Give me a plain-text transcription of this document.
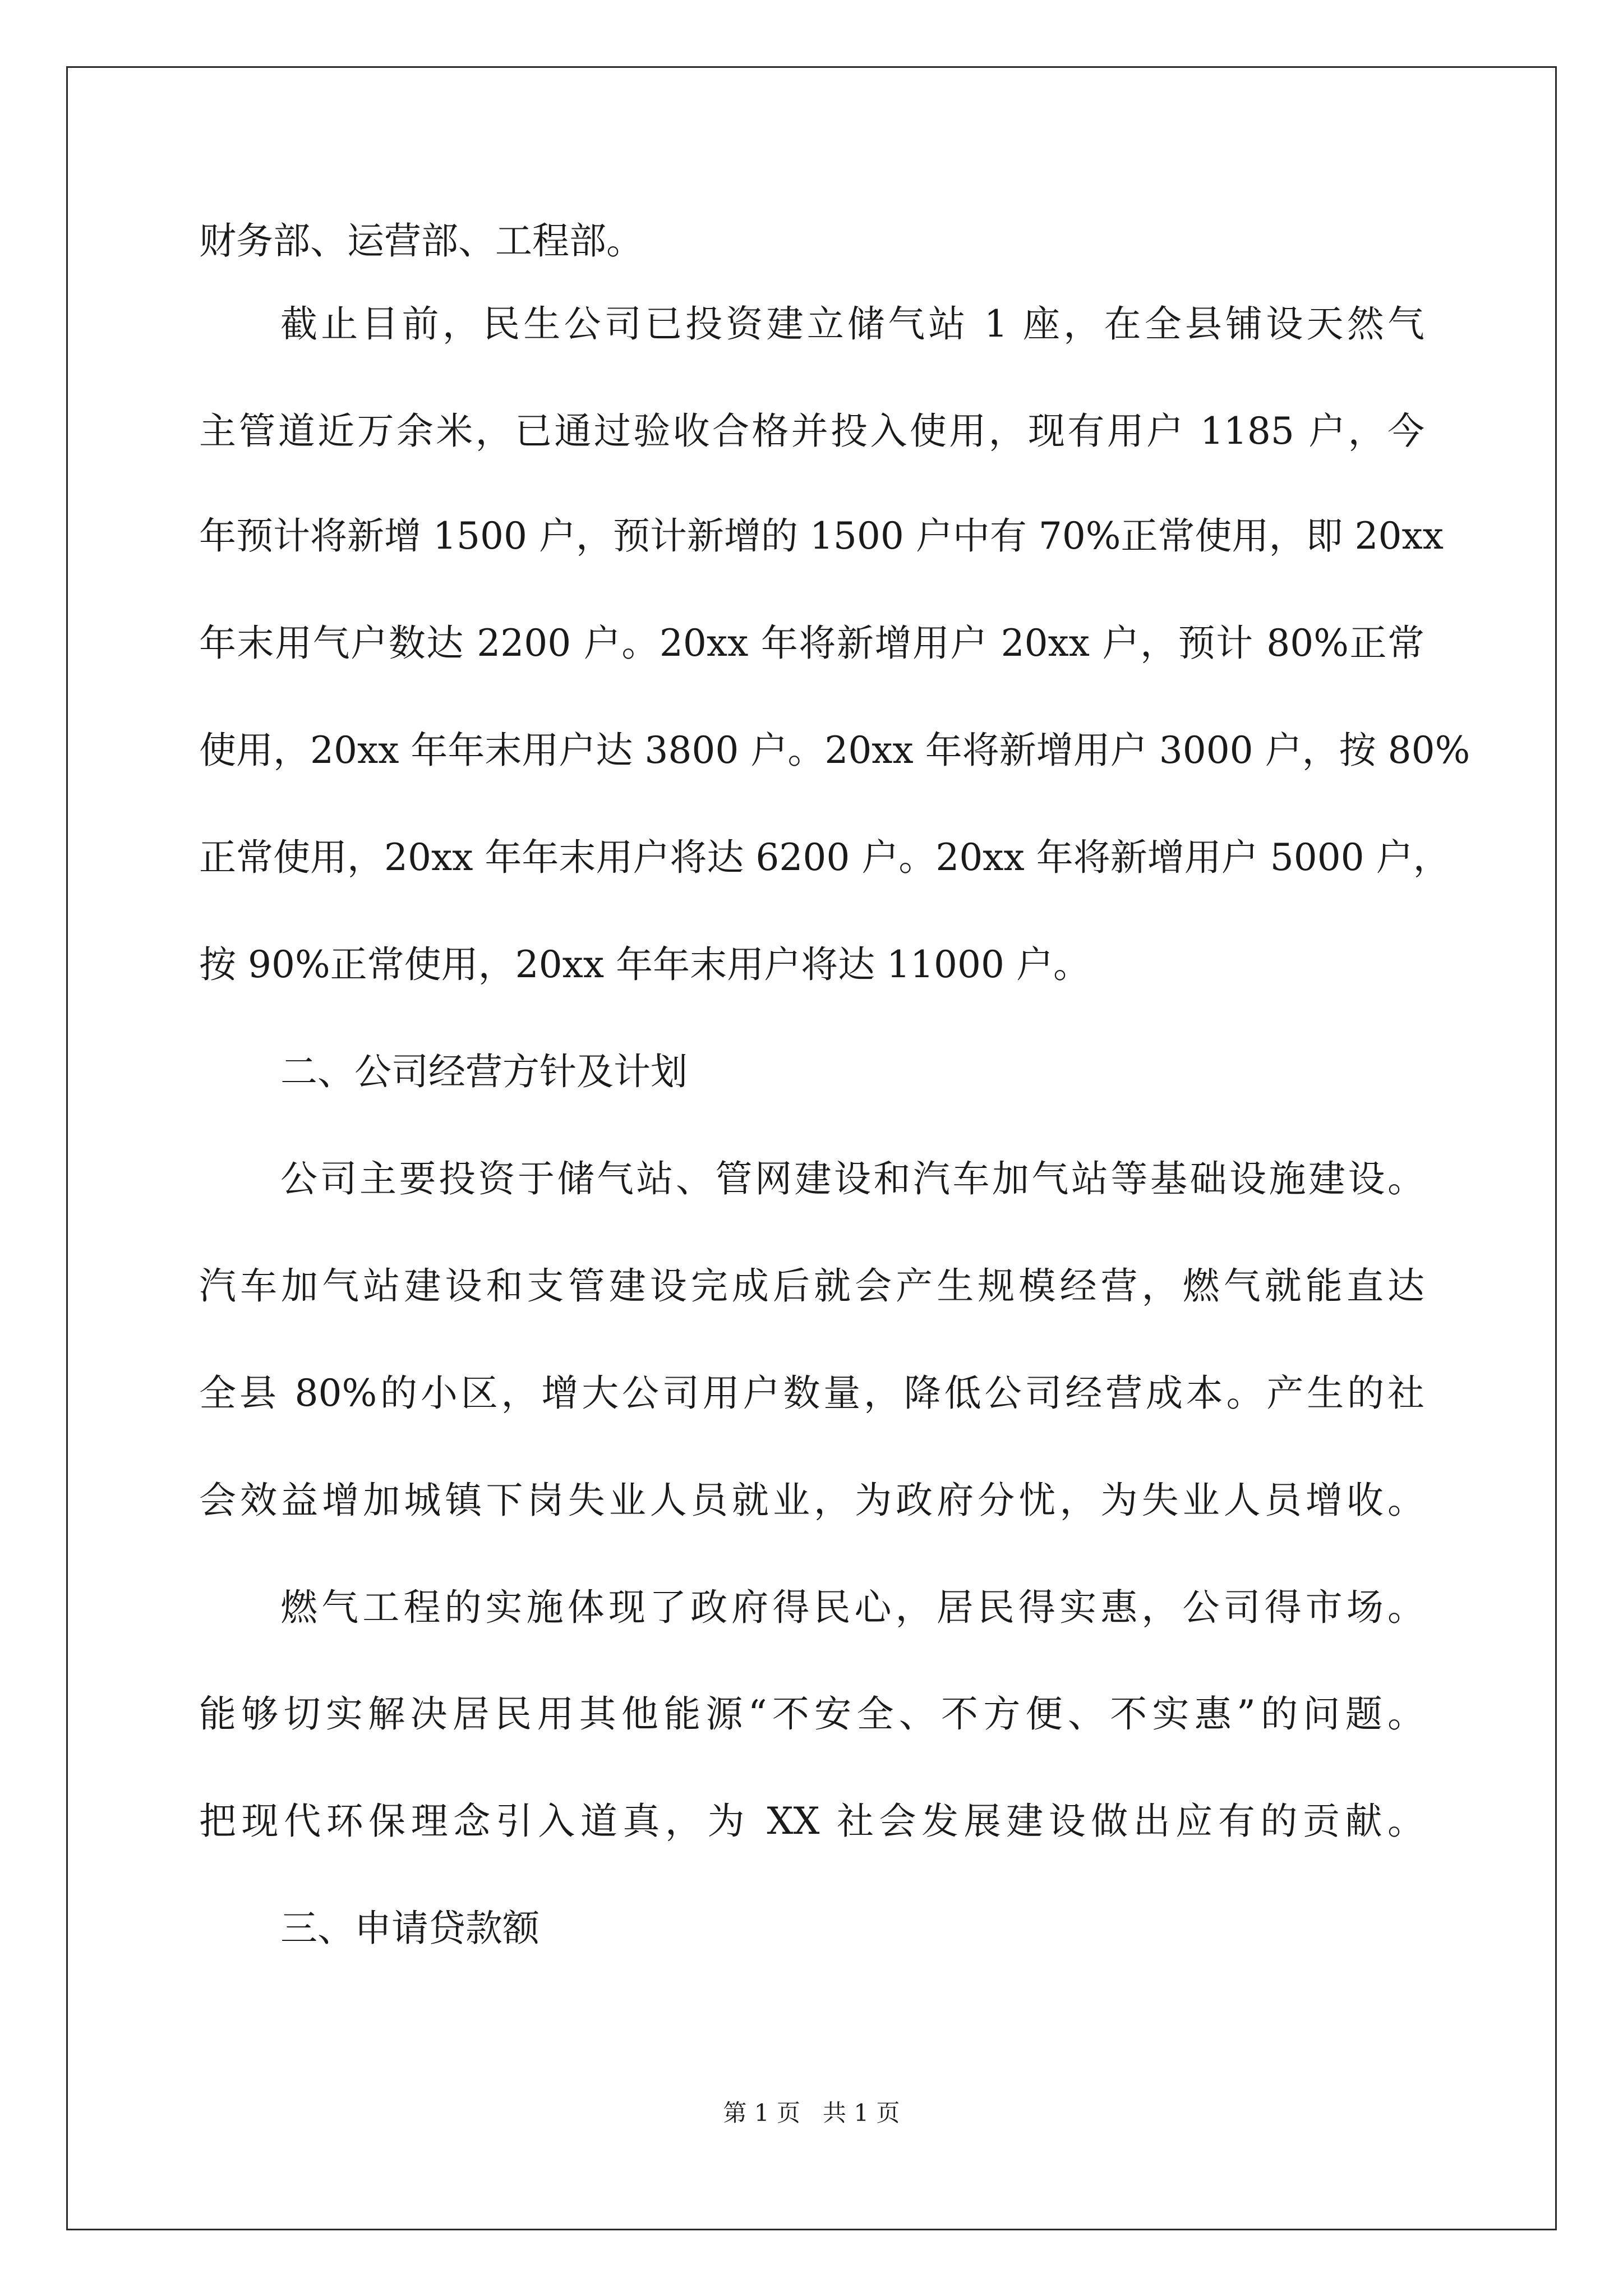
财务部、运营部、工程部。
截止目前，民生公司已投资建立储气站 1 座，在全县铺设天然气
主管道近万余米，已通过验收合格并投入使用，现有用户 1185 户，今
年预计将新增 1500 户，预计新增的 1500 户中有 70%正常使用，即 20xx
年末用气户数达 2200 户。20xx 年将新增用户 20xx 户，预计 80%正常
使用，20xx 年年末用户达 3800 户。20xx 年将新增用户 3000 户，按 80%
正常使用，20xx 年年末用户将达 6200 户。20xx 年将新增用户 5000 户，
按 90%正常使用，20xx 年年末用户将达 11000 户。
二、公司经营方针及计划
公司主要投资于储气站、管网建设和汽车加气站等基础设施建设。
汽车加气站建设和支管建设完成后就会产生规模经营，燃气就能直达
全县 80%的小区，增大公司用户数量，降低公司经营成本。产生的社
会效益增加城镇下岗失业人员就业，为政府分忧，为失业人员增收。
燃气工程的实施体现了政府得民心，居民得实惠，公司得市场。
能够切实解决居民用其他能源“不安全、不方便、不实惠”的问题。
把现代环保理念引入道真，为 XX 社会发展建设做出应有的贡献。
三、申请贷款额
第 1 页   共 1 页
